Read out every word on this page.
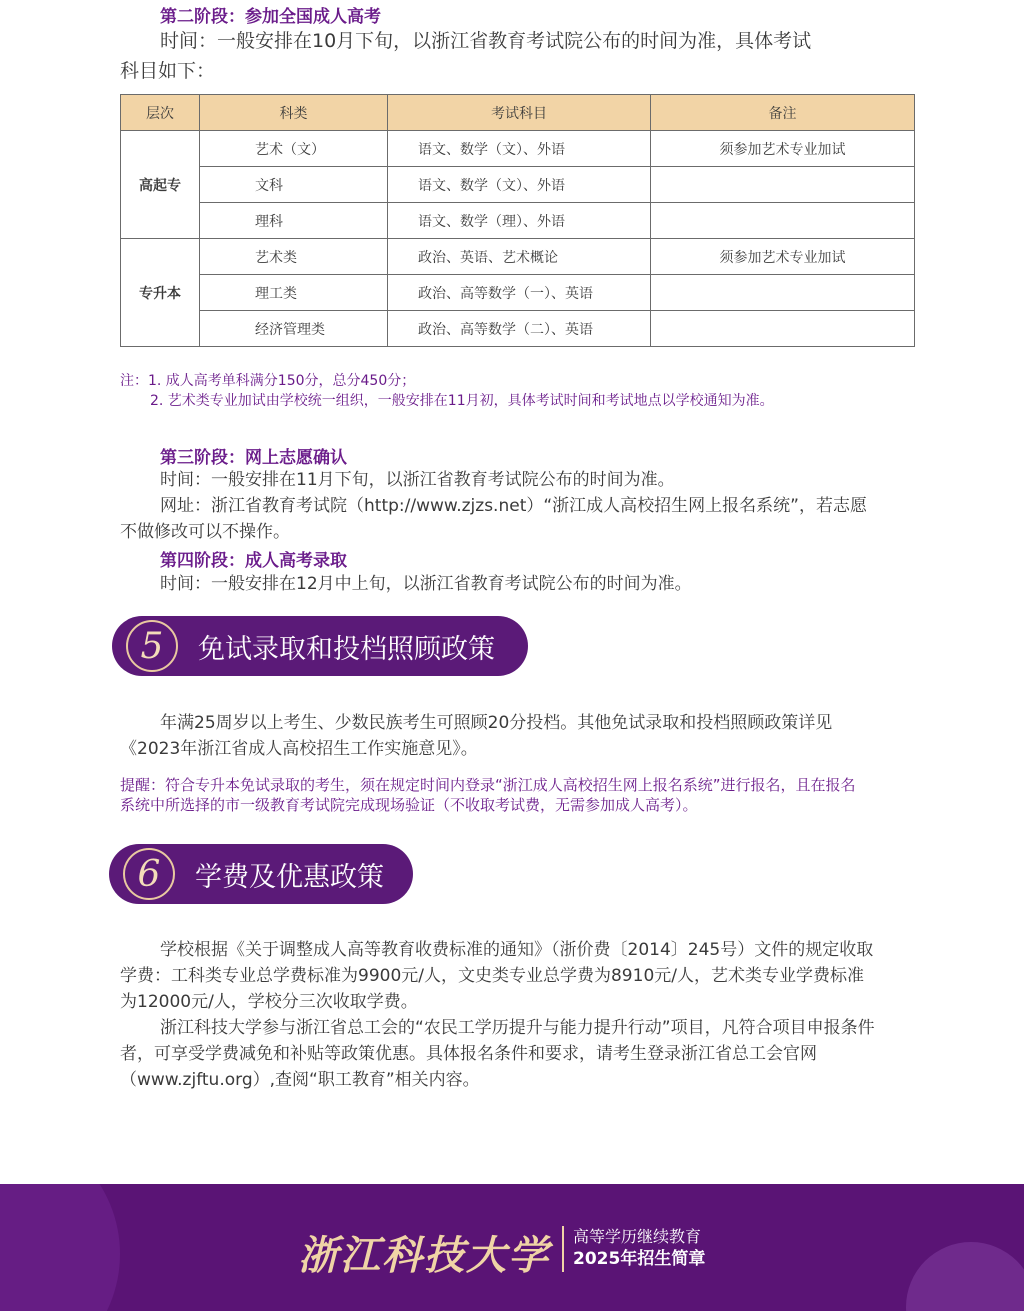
第二阶段：参加全国成人高考
时间：一般安排在10月下旬，以浙江省教育考试院公布的时间为准，具体考试
科目如下：
层次	科类	考试科目	备注
高起专	艺术（文）	语文、数学（文）、外语	须参加艺术专业加试
	文科	语文、数学（文）、外语	
	理科	语文、数学（理）、外语	
专升本	艺术类	政治、英语、艺术概论	须参加艺术专业加试
	理工类	政治、高等数学（一）、英语	
	经济管理类	政治、高等数学（二）、英语	
注：1. 成人高考单科满分150分，总分450分；
2. 艺术类专业加试由学校统一组织，一般安排在11月初，具体考试时间和考试地点以学校通知为准。
第三阶段：网上志愿确认
时间：一般安排在11月下旬，以浙江省教育考试院公布的时间为准。
网址：浙江省教育考试院（http://www.zjzs.net）“浙江成人高校招生网上报名系统”，若志愿
不做修改可以不操作。
第四阶段：成人高考录取
时间：一般安排在12月中上旬，以浙江省教育考试院公布的时间为准。
5	免试录取和投档照顾政策
年满25周岁以上考生、少数民族考生可照顾20分投档。其他免试录取和投档照顾政策详见
《2023年浙江省成人高校招生工作实施意见》。
提醒：符合专升本免试录取的考生，须在规定时间内登录“浙江成人高校招生网上报名系统”进行报名，且在报名
系统中所选择的市一级教育考试院完成现场验证（不收取考试费，无需参加成人高考）。
6	学费及优惠政策
学校根据《关于调整成人高等教育收费标准的通知》（浙价费〔2014〕245号）文件的规定收取
学费：工科类专业总学费标准为9900元/人，文史类专业总学费为8910元/人，艺术类专业学费标准
为12000元/人，学校分三次收取学费。
浙江科技大学参与浙江省总工会的“农民工学历提升与能力提升行动”项目，凡符合项目申报条件
者，可享受学费减免和补贴等政策优惠。具体报名条件和要求，请考生登录浙江省总工会官网
（www.zjftu.org）,查阅“职工教育”相关内容。
浙江科技大学 高等学历继续教育
2025年招生简章
